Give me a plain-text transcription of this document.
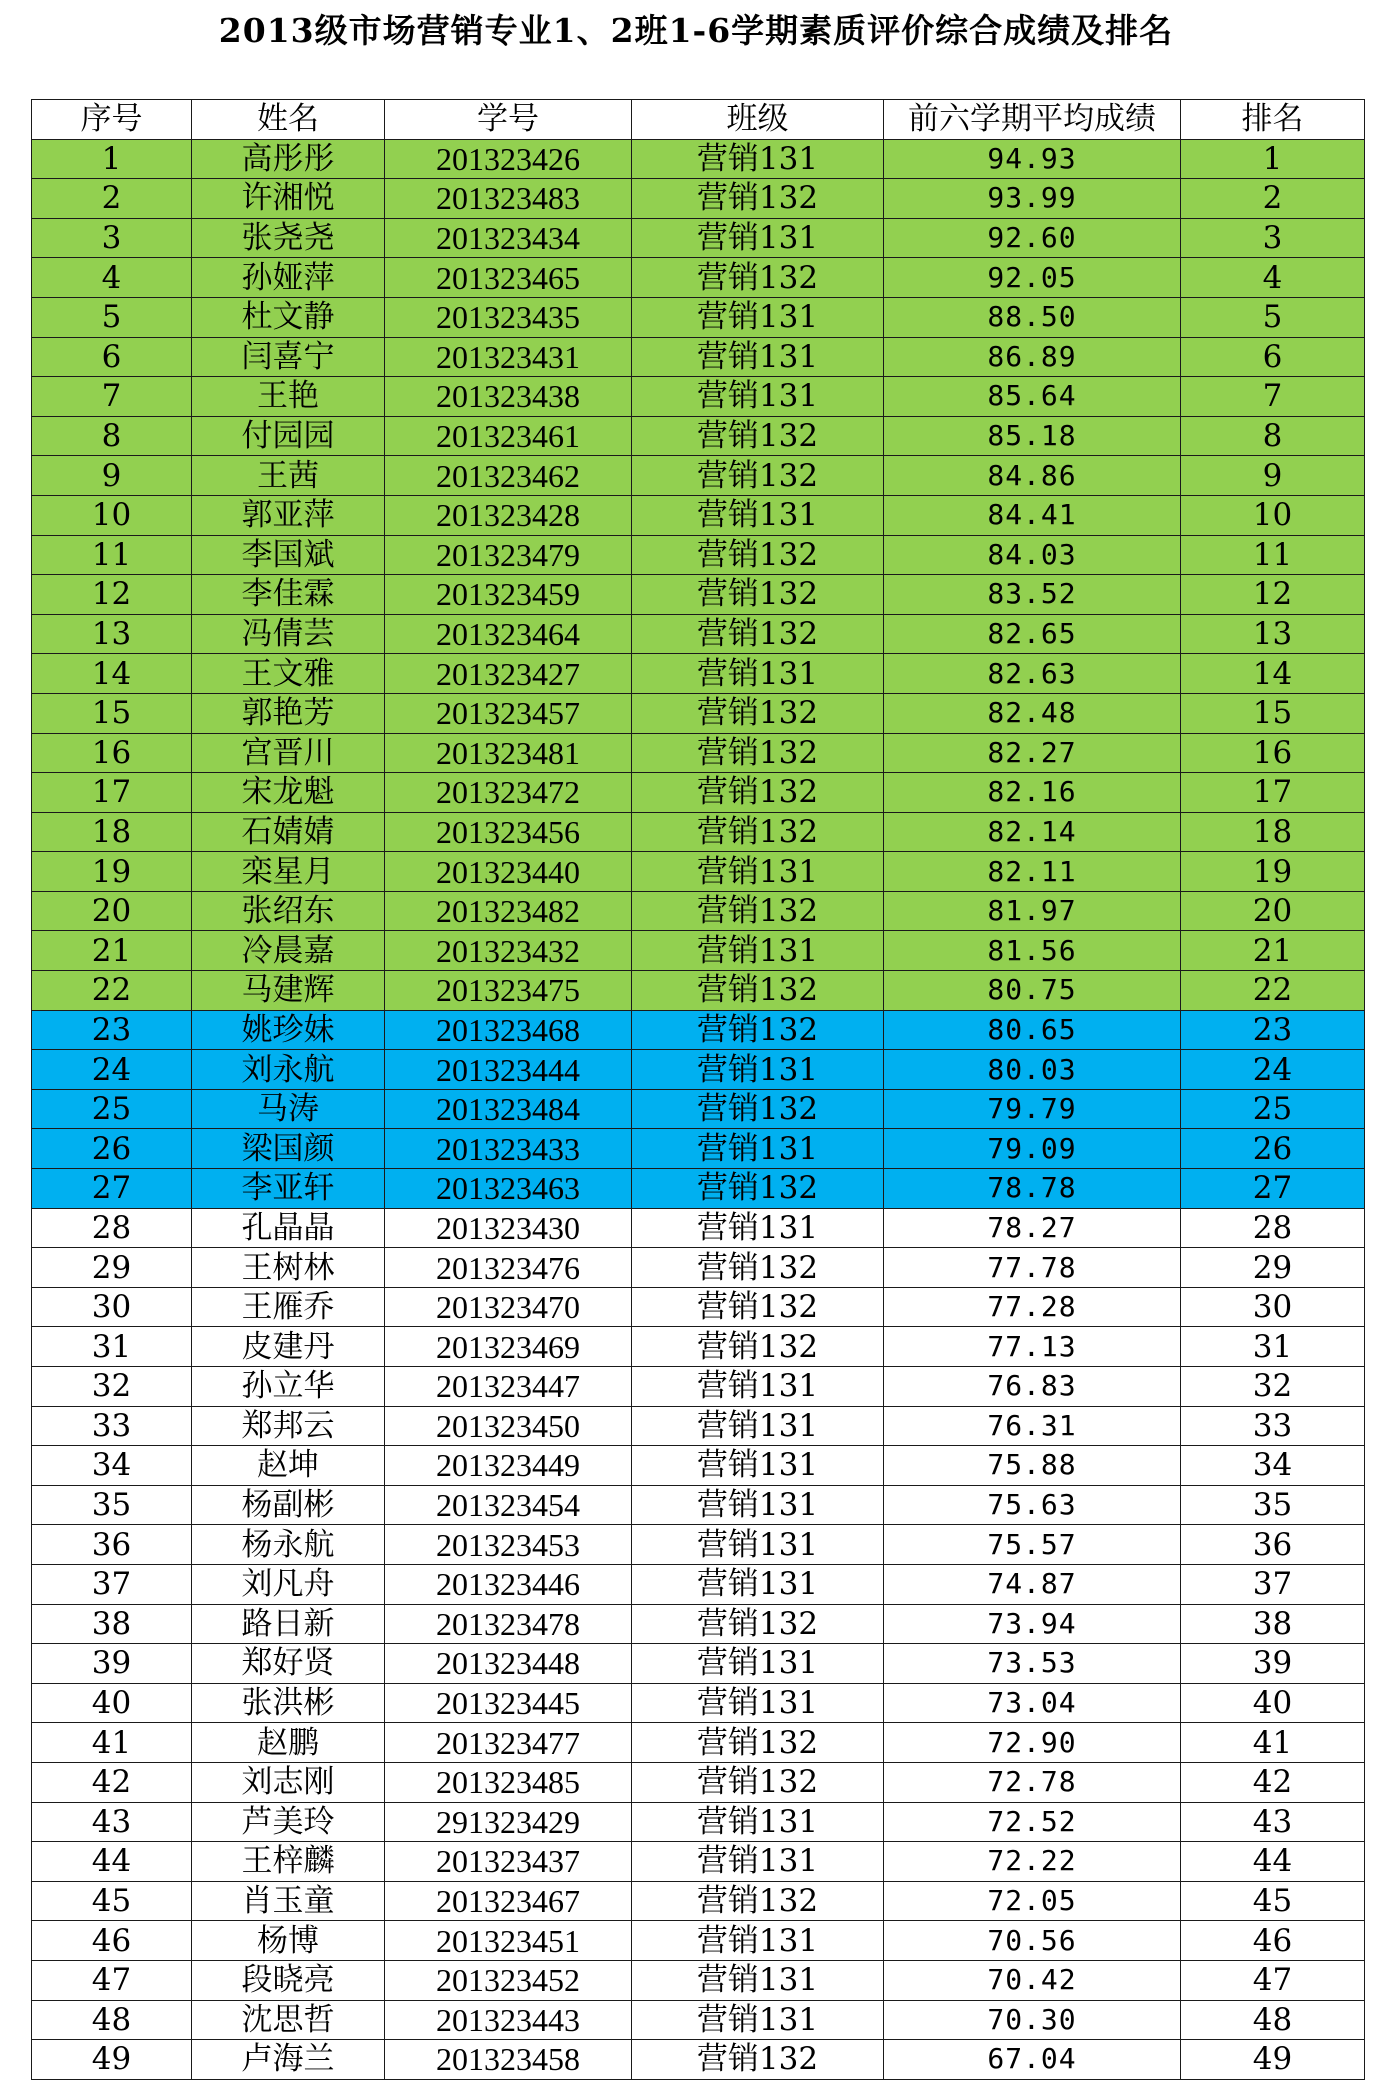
2013级市场营销专业1、2班1-6学期素质评价综合成绩及排名
序号	姓名	学号	班级	前六学期平均成绩	排名
1	高彤彤	201323426	营销131	94.93	1
2	许湘悦	201323483	营销132	93.99	2
3	张尧尧	201323434	营销131	92.60	3
4	孙娅萍	201323465	营销132	92.05	4
5	杜文静	201323435	营销131	88.50	5
6	闫喜宁	201323431	营销131	86.89	6
7	王艳	201323438	营销131	85.64	7
8	付园园	201323461	营销132	85.18	8
9	王茜	201323462	营销132	84.86	9
10	郭亚萍	201323428	营销131	84.41	10
11	李国斌	201323479	营销132	84.03	11
12	李佳霖	201323459	营销132	83.52	12
13	冯倩芸	201323464	营销132	82.65	13
14	王文雅	201323427	营销131	82.63	14
15	郭艳芳	201323457	营销132	82.48	15
16	宫晋川	201323481	营销132	82.27	16
17	宋龙魁	201323472	营销132	82.16	17
18	石婧婧	201323456	营销132	82.14	18
19	栾星月	201323440	营销131	82.11	19
20	张绍东	201323482	营销132	81.97	20
21	冷晨嘉	201323432	营销131	81.56	21
22	马建辉	201323475	营销132	80.75	22
23	姚珍妹	201323468	营销132	80.65	23
24	刘永航	201323444	营销131	80.03	24
25	马涛	201323484	营销132	79.79	25
26	梁国颜	201323433	营销131	79.09	26
27	李亚轩	201323463	营销132	78.78	27
28	孔晶晶	201323430	营销131	78.27	28
29	王树林	201323476	营销132	77.78	29
30	王雁乔	201323470	营销132	77.28	30
31	皮建丹	201323469	营销132	77.13	31
32	孙立华	201323447	营销131	76.83	32
33	郑邦云	201323450	营销131	76.31	33
34	赵坤	201323449	营销131	75.88	34
35	杨副彬	201323454	营销131	75.63	35
36	杨永航	201323453	营销131	75.57	36
37	刘凡舟	201323446	营销131	74.87	37
38	路日新	201323478	营销132	73.94	38
39	郑好贤	201323448	营销131	73.53	39
40	张洪彬	201323445	营销131	73.04	40
41	赵鹏	201323477	营销132	72.90	41
42	刘志刚	201323485	营销132	72.78	42
43	芦美玲	291323429	营销131	72.52	43
44	王梓麟	201323437	营销131	72.22	44
45	肖玉童	201323467	营销132	72.05	45
46	杨博	201323451	营销131	70.56	46
47	段晓亮	201323452	营销131	70.42	47
48	沈思哲	201323443	营销131	70.30	48
49	卢海兰	201323458	营销132	67.04	49
